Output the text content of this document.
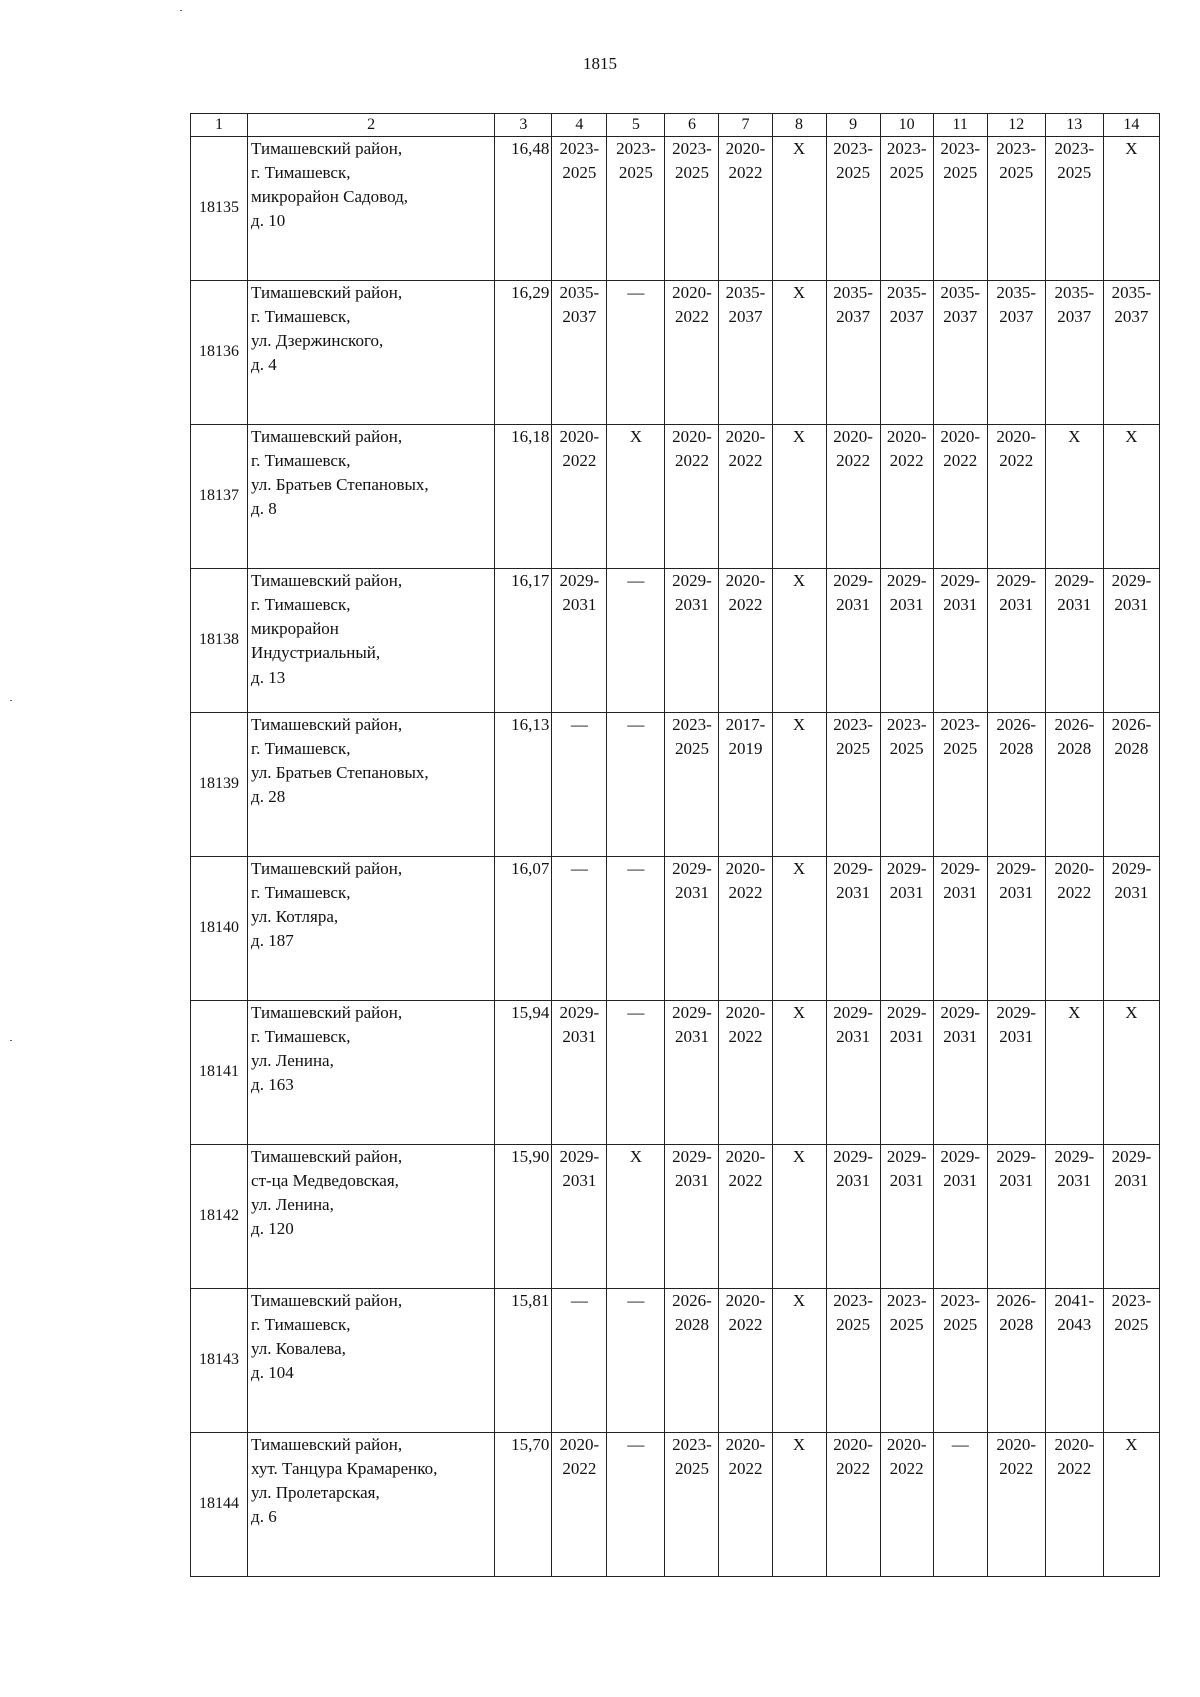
1815
1	2	3	4	5	6	7	8	9	10	11	12	13	14
18135	Тимашевский район,
г. Тимашевск,
микрорайон Садовод,
д. 10	16,48	2023-
2025	2023-
2025	2023-
2025	2020-
2022	X	2023-
2025	2023-
2025	2023-
2025	2023-
2025	2023-
2025	X

18136	Тимашевский район,
г. Тимашевск,
ул. Дзержинского,
д. 4	16,29	2035-
2037	—	2020-
2022	2035-
2037	X	2035-
2037	2035-
2037	2035-
2037	2035-
2037	2035-
2037	2035-
2037

18137	Тимашевский район,
г. Тимашевск,
ул. Братьев Степановых,
д. 8	16,18	2020-
2022	X	2020-
2022	2020-
2022	X	2020-
2022	2020-
2022	2020-
2022	2020-
2022	X	X

18138	Тимашевский район,
г. Тимашевск,
микрорайон
Индустриальный,
д. 13	16,17	2029-
2031	—	2029-
2031	2020-
2022	X	2029-
2031	2029-
2031	2029-
2031	2029-
2031	2029-
2031	2029-
2031

18139	Тимашевский район,
г. Тимашевск,
ул. Братьев Степановых,
д. 28	16,13	—	—	2023-
2025	2017-
2019	X	2023-
2025	2023-
2025	2023-
2025	2026-
2028	2026-
2028	2026-
2028

18140	Тимашевский район,
г. Тимашевск,
ул. Котляра,
д. 187	16,07	—	—	2029-
2031	2020-
2022	X	2029-
2031	2029-
2031	2029-
2031	2029-
2031	2020-
2022	2029-
2031

18141	Тимашевский район,
г. Тимашевск,
ул. Ленина,
д. 163	15,94	2029-
2031	—	2029-
2031	2020-
2022	X	2029-
2031	2029-
2031	2029-
2031	2029-
2031	X	X

18142	Тимашевский район,
ст-ца Медведовская,
ул. Ленина,
д. 120	15,90	2029-
2031	X	2029-
2031	2020-
2022	X	2029-
2031	2029-
2031	2029-
2031	2029-
2031	2029-
2031	2029-
2031

18143	Тимашевский район,
г. Тимашевск,
ул. Ковалева,
д. 104	15,81	—	—	2026-
2028	2020-
2022	X	2023-
2025	2023-
2025	2023-
2025	2026-
2028	2041-
2043	2023-
2025

18144	Тимашевский район,
хут. Танцура Крамаренко,
ул. Пролетарская,
д. 6	15,70	2020-
2022	—	2023-
2025	2020-
2022	X	2020-
2022	2020-
2022	—	2020-
2022	2020-
2022	X
